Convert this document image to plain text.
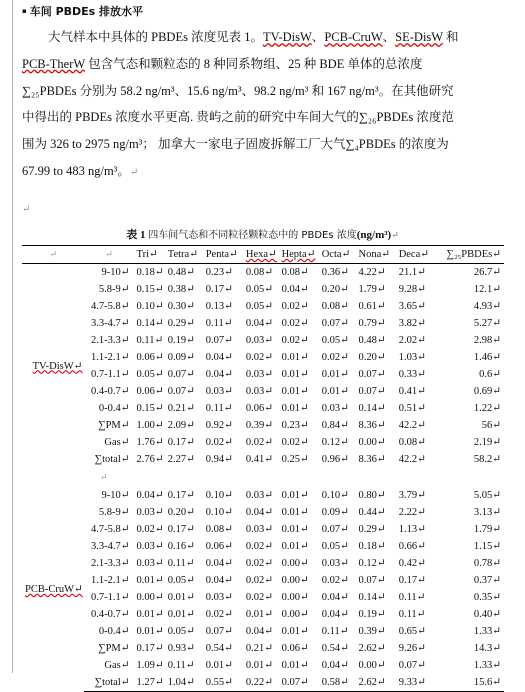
▪ 车间 PBDEs 排放水平
大气样本中具体的 PBDEs 浓度见表 1。TV-DisW、PCB-CruW、SE-DisW 和
PCB-TherW 包含气态和颗粒态的 8 种同系物组、25 种 BDE 单体的总浓度
∑₂₅PBDEs 分别为 58.2 ng/m³、15.6 ng/m³、98.2 ng/m³ 和 167 ng/m³。在其他研究
中得出的 PBDEs 浓度水平更高. 贵屿之前的研究中车间大气的∑₂₆PBDEs 浓度范
围为 326 to 2975 ng/m³； 加拿大一家电子固废拆解工厂大气∑₄PBDEs 的浓度为
67.99 to 483 ng/m³。↵
↵
表 1 四车间气态和不同粒径颗粒态中的 PBDEs 浓度(ng/m³)↵
↵	↵	Tri↵	Tetra↵	Penta↵	Hexa↵	Hepta↵	Octa↵	Nona↵	Deca↵	∑₂₅PBDEs↵
TV-DisW↵	9-10↵	0.18↵	0.48↵	0.23↵	0.08↵	0.08↵	0.36↵	4.22↵	21.1↵	26.7↵
	5.8-9↵	0.15↵	0.38↵	0.17↵	0.05↵	0.04↵	0.20↵	1.79↵	9.28↵	12.1↵
	4.7-5.8↵	0.10↵	0.30↵	0.13↵	0.05↵	0.02↵	0.08↵	0.61↵	3.65↵	4.93↵
	3.3-4.7↵	0.14↵	0.29↵	0.11↵	0.04↵	0.02↵	0.07↵	0.79↵	3.82↵	5.27↵
	2.1-3.3↵	0.11↵	0.19↵	0.07↵	0.03↵	0.02↵	0.05↵	0.48↵	2.02↵	2.98↵
	1.1-2.1↵	0.06↵	0.09↵	0.04↵	0.02↵	0.01↵	0.02↵	0.20↵	1.03↵	1.46↵
	0.7-1.1↵	0.05↵	0.07↵	0.04↵	0.03↵	0.01↵	0.01↵	0.07↵	0.33↵	0.6↵
	0.4-0.7↵	0.06↵	0.07↵	0.03↵	0.03↵	0.01↵	0.01↵	0.07↵	0.41↵	0.69↵
	0-0.4↵	0.15↵	0.21↵	0.11↵	0.06↵	0.01↵	0.03↵	0.14↵	0.51↵	1.22↵
	∑PM↵	1.00↵	2.09↵	0.92↵	0.39↵	0.23↵	0.84↵	8.36↵	42.2↵	56↵
	Gas↵	1.76↵	0.17↵	0.02↵	0.02↵	0.02↵	0.12↵	0.00↵	0.08↵	2.19↵
	∑total↵	2.76↵	2.27↵	0.94↵	0.41↵	0.25↵	0.96↵	8.36↵	42.2↵	58.2↵
↵										
PCB-CruW↵	9-10↵	0.04↵	0.17↵	0.10↵	0.03↵	0.01↵	0.10↵	0.80↵	3.79↵	5.05↵
	5.8-9↵	0.03↵	0.20↵	0.10↵	0.04↵	0.01↵	0.09↵	0.44↵	2.22↵	3.13↵
	4.7-5.8↵	0.02↵	0.17↵	0.08↵	0.03↵	0.01↵	0.07↵	0.29↵	1.13↵	1.79↵
	3.3-4.7↵	0.03↵	0.16↵	0.06↵	0.02↵	0.01↵	0.05↵	0.18↵	0.66↵	1.15↵
	2.1-3.3↵	0.03↵	0.11↵	0.04↵	0.02↵	0.00↵	0.03↵	0.12↵	0.42↵	0.78↵
	1.1-2.1↵	0.01↵	0.05↵	0.04↵	0.02↵	0.00↵	0.02↵	0.07↵	0.17↵	0.37↵
	0.7-1.1↵	0.00↵	0.01↵	0.03↵	0.02↵	0.00↵	0.04↵	0.14↵	0.11↵	0.35↵
	0.4-0.7↵	0.01↵	0.01↵	0.02↵	0.01↵	0.00↵	0.04↵	0.19↵	0.11↵	0.40↵
	0-0.4↵	0.01↵	0.05↵	0.07↵	0.04↵	0.01↵	0.11↵	0.39↵	0.65↵	1.33↵
	∑PM↵	0.17↵	0.93↵	0.54↵	0.21↵	0.06↵	0.54↵	2.62↵	9.26↵	14.3↵
	Gas↵	1.09↵	0.11↵	0.01↵	0.01↵	0.01↵	0.04↵	0.00↵	0.07↵	1.33↵
	∑total↵	1.27↵	1.04↵	0.55↵	0.22↵	0.07↵	0.58↵	2.62↵	9.33↵	15.6↵
